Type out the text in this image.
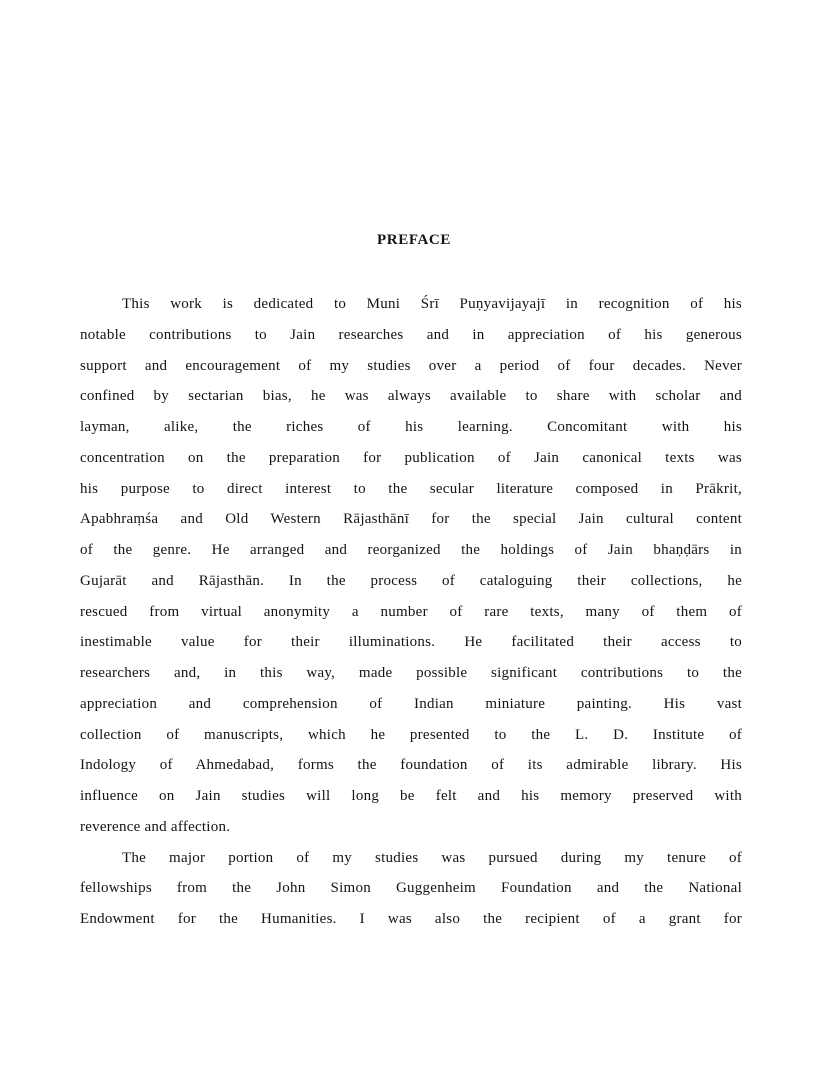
PREFACE
This work is dedicated to Muni Śrī Puṇyavijayajī in recognition of his
notable contributions to Jain researches and in appreciation of his generous
support and encouragement of my studies over a period of four decades. Never
confined by sectarian bias, he was always available to share with scholar and
layman, alike, the riches of his learning. Concomitant with his
concentration on the preparation for publication of Jain canonical texts was
his purpose to direct interest to the secular literature composed in Prākrit,
Apabhraṃśa and Old Western Rājasthānī for the special Jain cultural content
of the genre. He arranged and reorganized the holdings of Jain bhaṇḍārs in
Gujarāt and Rājasthān. In the process of cataloguing their collections, he
rescued from virtual anonymity a number of rare texts, many of them of
inestimable value for their illuminations. He facilitated their access to
researchers and, in this way, made possible significant contributions to the
appreciation and comprehension of Indian miniature painting. His vast
collection of manuscripts, which he presented to the L. D. Institute of
Indology of Ahmedabad, forms the foundation of its admirable library. His
influence on Jain studies will long be felt and his memory preserved with
reverence and affection.
The major portion of my studies was pursued during my tenure of
fellowships from the John Simon Guggenheim Foundation and the National
Endowment for the Humanities. I was also the recipient of a grant for
